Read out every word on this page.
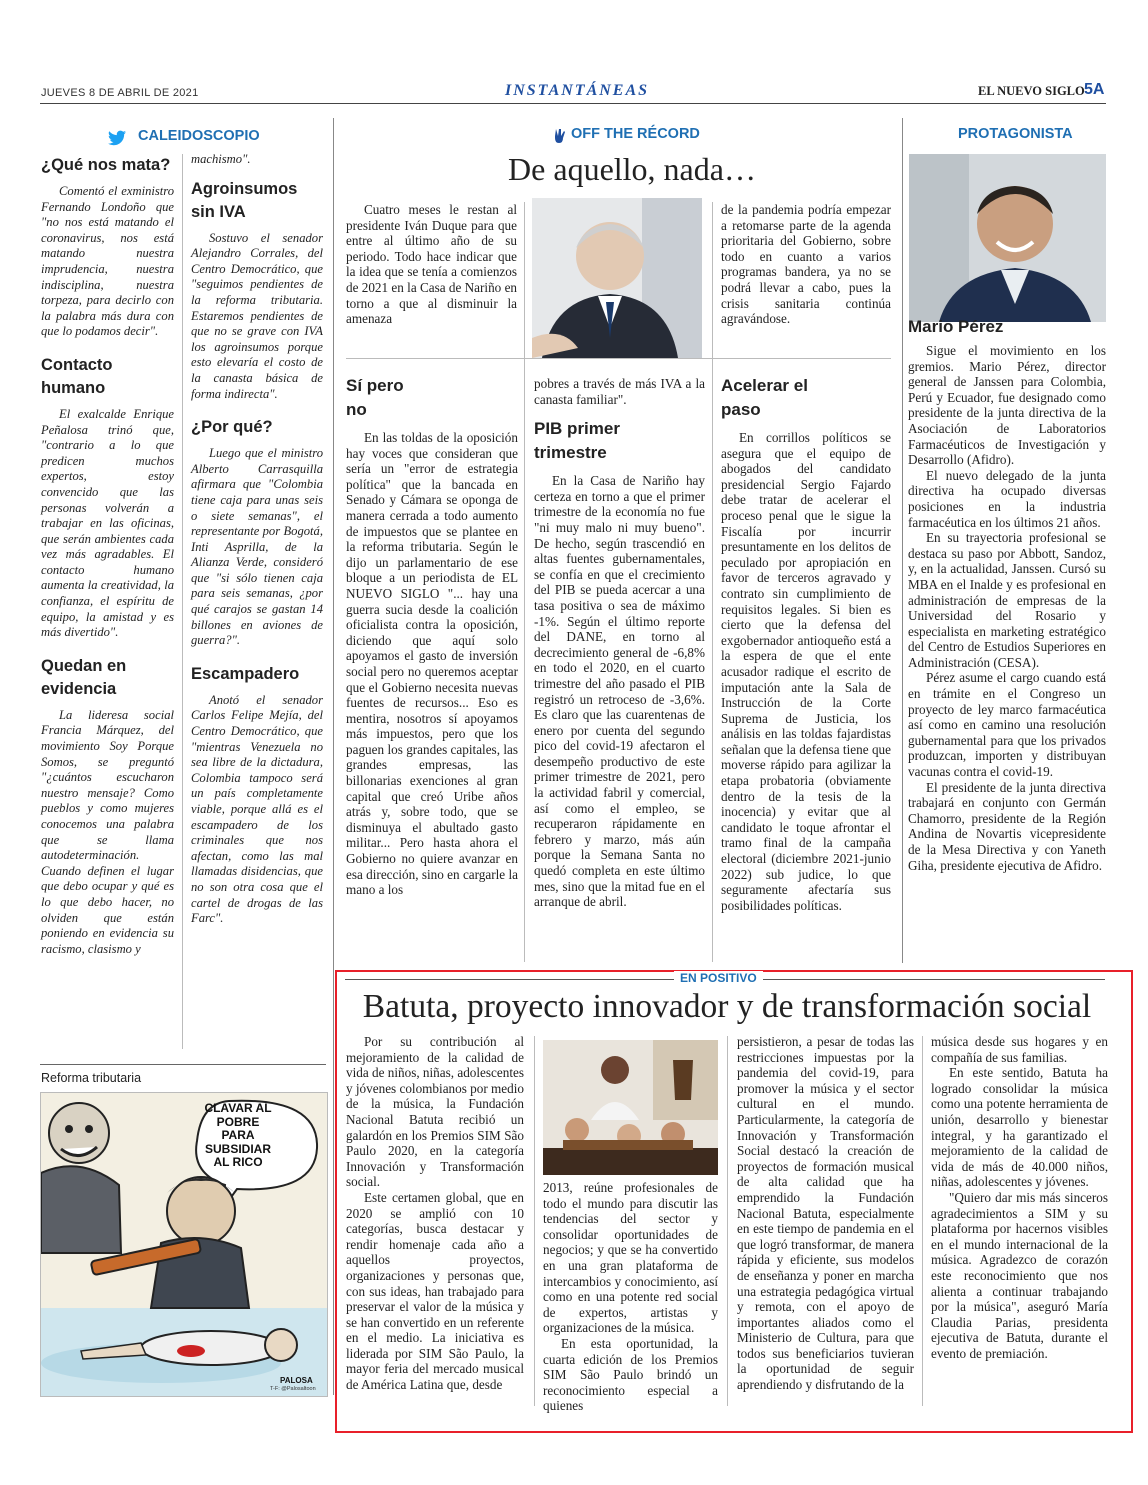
JUEVES 8 DE ABRIL DE 2021	INSTANTÁNEAS	EL NUEVO SIGLO 5A
CALEIDOSCOPIO
¿Qué nos mata?

Comentó el exministro Fernando Londoño que "no nos está matando el coronavirus, nos está matando nuestra imprudencia, nuestra indisciplina, nuestra torpeza, para decirlo con la palabra más dura con que lo podamos decir".

Contacto humano

El exalcalde Enrique Peñalosa trinó que, "contrario a lo que predicen muchos expertos, estoy convencido que las personas volverán a trabajar en las oficinas, que serán ambientes cada vez más agradables. El contacto humano aumenta la creatividad, la confianza, el espíritu de equipo, la amistad y es más divertido".

Quedan en evidencia

La lideresa social Francia Márquez, del movimiento Soy Porque Somos, se preguntó "¿cuántos escucharon nuestro mensaje? Como pueblos y como mujeres conocemos una palabra que se llama autodeterminación. Cuando definen el lugar que debo ocupar y qué es lo que debo hacer, no olviden que están poniendo en evidencia su racismo, clasismo y

machismo".

Agroinsumos sin IVA

Sostuvo el senador Alejandro Corrales, del Centro Democrático, que "seguimos pendientes de la reforma tributaria. Estaremos pendientes de que no se grave con IVA los agroinsumos porque esto elevaría el costo de la canasta básica de forma indirecta".

¿Por qué?

Luego que el ministro Alberto Carrasquilla afirmara que "Colombia tiene caja para unas seis o siete semanas", el representante por Bogotá, Inti Asprilla, de la Alianza Verde, consideró que "si sólo tienen caja para seis semanas, ¿por qué carajos se gastan 14 billones en aviones de guerra?".

Escampadero

Anotó el senador Carlos Felipe Mejía, del Centro Democrático, que "mientras Venezuela no sea libre de la dictadura, Colombia tampoco será un país completamente viable, porque allá es el escampadero de los criminales que nos afectan, como las mal llamadas disidencias, que no son otra cosa que el cartel de drogas de las Farc".

Reforma tributaria
CLAVAR AL POBRE PARA SUBSIDIAR AL RICO
PALOSA
T-F: @Palosaltoon
OFF THE RÉCORD
De aquello, nada…

Cuatro meses le restan al presidente Iván Duque para que entre al último año de su periodo. Todo hace indicar que la idea que se tenía a comienzos de 2021 en la Casa de Nariño en torno a que al disminuir la amenaza

de la pandemia podría empezar a retomarse parte de la agenda prioritaria del Gobierno, sobre todo en cuanto a varios programas bandera, ya no se podrá llevar a cabo, pues la crisis sanitaria continúa agravándose.

Sí pero no

En las toldas de la oposición hay voces que consideran que sería un "error de estrategia política" que la bancada en Senado y Cámara se oponga de manera cerrada a todo aumento de impuestos que se plantee en la reforma tributaria. Según le dijo un parlamentario de ese bloque a un periodista de EL NUEVO SIGLO "... hay una guerra sucia desde la coalición oficialista contra la oposición, diciendo que aquí solo apoyamos el gasto de inversión social pero no queremos aceptar que el Gobierno necesita nuevas fuentes de recursos... Eso es mentira, nosotros sí apoyamos más impuestos, pero que los paguen los grandes capitales, las grandes empresas, las billonarias exenciones al gran capital que creó Uribe años atrás y, sobre todo, que se disminuya el abultado gasto militar... Pero hasta ahora el Gobierno no quiere avanzar en esa dirección, sino en cargarle la mano a los

pobres a través de más IVA a la canasta familiar".

PIB primer trimestre

En la Casa de Nariño hay certeza en torno a que el primer trimestre de la economía no fue "ni muy malo ni muy bueno". De hecho, según trascendió en altas fuentes gubernamentales, se confía en que el crecimiento del PIB se pueda acercar a una tasa positiva o sea de máximo -1%. Según el último reporte del DANE, en torno al decrecimiento general de -6,8% en todo el 2020, en el cuarto trimestre del año pasado el PIB registró un retroceso de -3,6%. Es claro que las cuarentenas de enero por cuenta del segundo pico del covid-19 afectaron el desempeño productivo de este primer trimestre de 2021, pero la actividad fabril y comercial, así como el empleo, se recuperaron rápidamente en febrero y marzo, más aún porque la Semana Santa no quedó completa en este último mes, sino que la mitad fue en el arranque de abril.

Acelerar el paso

En corrillos políticos se asegura que el equipo de abogados del candidato presidencial Sergio Fajardo debe tratar de acelerar el proceso penal que le sigue la Fiscalía por incurrir presuntamente en los delitos de peculado por apropiación en favor de terceros agravado y contrato sin cumplimiento de requisitos legales. Si bien es cierto que la defensa del exgobernador antioqueño está a la espera de que el ente acusador radique el escrito de imputación ante la Sala de Instrucción de la Corte Suprema de Justicia, los análisis en las toldas fajardistas señalan que la defensa tiene que moverse rápido para agilizar la etapa probatoria (obviamente dentro de la tesis de la inocencia) y evitar que al candidato le toque afrontar el tramo final de la campaña electoral (diciembre 2021-junio 2022) sub judice, lo que seguramente afectaría sus posibilidades políticas.

PROTAGONISTA
Mario Pérez

Sigue el movimiento en los gremios. Mario Pérez, director general de Janssen para Colombia, Perú y Ecuador, fue designado como presidente de la junta directiva de la Asociación de Laboratorios Farmacéuticos de Investigación y Desarrollo (Afidro).

El nuevo delegado de la junta directiva ha ocupado diversas posiciones en la industria farmacéutica en los últimos 21 años.

En su trayectoria profesional se destaca su paso por Abbott, Sandoz, y, en la actualidad, Janssen. Cursó su MBA en el Inalde y es profesional en administración de empresas de la Universidad del Rosario y especialista en marketing estratégico del Centro de Estudios Superiores en Administración (CESA).

Pérez asume el cargo cuando está en trámite en el Congreso un proyecto de ley marco farmacéutica así como en camino una resolución gubernamental para que los privados produzcan, importen y distribuyan vacunas contra el covid-19.

El presidente de la junta directiva trabajará en conjunto con Germán Chamorro, presidente de la Región Andina de Novartis vicepresidente de la Mesa Directiva y con Yaneth Giha, presidente ejecutiva de Afidro.

EN POSITIVO
Batuta, proyecto innovador y de transformación social

Por su contribución al mejoramiento de la calidad de vida de niños, niñas, adolescentes y jóvenes colombianos por medio de la música, la Fundación Nacional Batuta recibió un galardón en los Premios SIM São Paulo 2020, en la categoría Innovación y Transformación social.

Este certamen global, que en 2020 se amplió con 10 categorías, busca destacar y rendir homenaje cada año a aquellos proyectos, organizaciones y personas que, con sus ideas, han trabajado para preservar el valor de la música y se han convertido en un referente en el medio. La iniciativa es liderada por SIM São Paulo, la mayor feria del mercado musical de América Latina que, desde

2013, reúne profesionales de todo el mundo para discutir las tendencias del sector y consolidar oportunidades de negocios; y que se ha convertido en una gran plataforma de intercambios y conocimiento, así como en una potente red social de expertos, artistas y organizaciones de la música.

En esta oportunidad, la cuarta edición de los Premios SIM São Paulo brindó un reconocimiento especial a quienes

persistieron, a pesar de todas las restricciones impuestas por la pandemia del covid-19, para promover la música y el sector cultural en el mundo. Particularmente, la categoría de Innovación y Transformación Social destacó la creación de proyectos de formación musical de alta calidad que ha emprendido la Fundación Nacional Batuta, especialmente en este tiempo de pandemia en el que logró transformar, de manera rápida y eficiente, sus modelos de enseñanza y poner en marcha una estrategia pedagógica virtual y remota, con el apoyo de importantes aliados como el Ministerio de Cultura, para que todos sus beneficiarios tuvieran la oportunidad de seguir aprendiendo y disfrutando de la

música desde sus hogares y en compañía de sus familias.

En este sentido, Batuta ha logrado consolidar la música como una potente herramienta de unión, desarrollo y bienestar integral, y ha garantizado el mejoramiento de la calidad de vida de más de 40.000 niños, niñas, adolescentes y jóvenes.

"Quiero dar mis más sinceros agradecimientos a SIM y su plataforma por hacernos visibles en el mundo internacional de la música. Agradezco de corazón este reconocimiento que nos alienta a continuar trabajando por la música", aseguró María Claudia Parias, presidenta ejecutiva de Batuta, durante el evento de premiación.
